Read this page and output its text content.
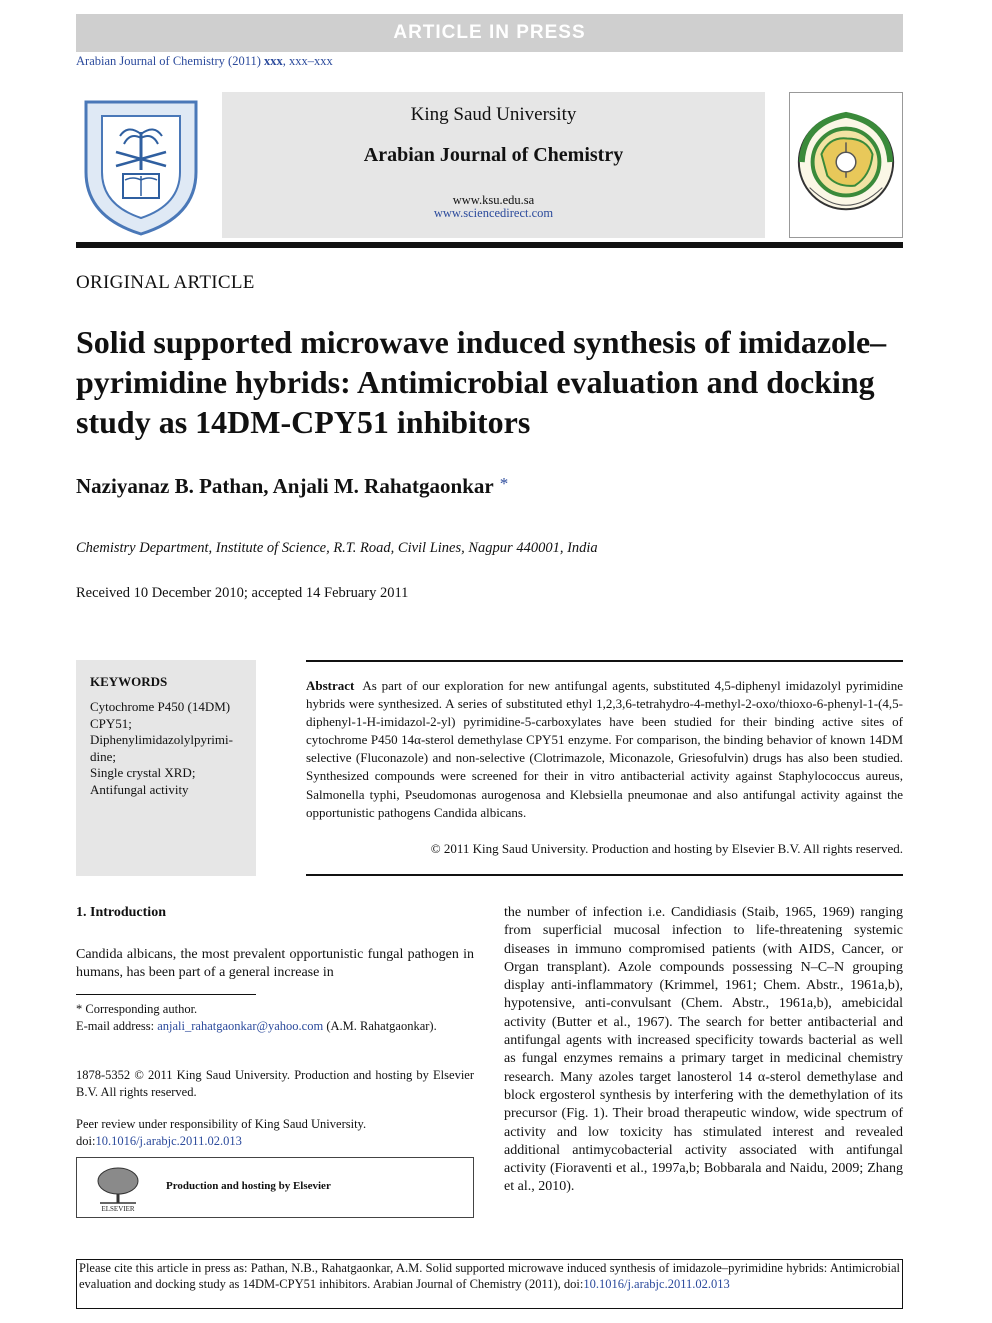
ARTICLE IN PRESS
Arabian Journal of Chemistry (2011) xxx, xxx–xxx
King Saud University
Arabian Journal of Chemistry
www.ksu.edu.sa
www.sciencedirect.com
ORIGINAL ARTICLE
Solid supported microwave induced synthesis of imidazole–pyrimidine hybrids: Antimicrobial evaluation and docking study as 14DM-CPY51 inhibitors
Naziyanaz B. Pathan, Anjali M. Rahatgaonkar *
Chemistry Department, Institute of Science, R.T. Road, Civil Lines, Nagpur 440001, India
Received 10 December 2010; accepted 14 February 2011
KEYWORDS
Cytochrome P450 (14DM) CPY51;
Diphenylimidazolylpyrimi-dine;
Single crystal XRD;
Antifungal activity
Abstract As part of our exploration for new antifungal agents, substituted 4,5-diphenyl imidazolyl pyrimidine hybrids were synthesized. A series of substituted ethyl 1,2,3,6-tetrahydro-4-methyl-2-oxo/thioxo-6-phenyl-1-(4,5-diphenyl-1-H-imidazol-2-yl) pyrimidine-5-carboxylates have been studied for their binding active sites of cytochrome P450 14α-sterol demethylase CPY51 enzyme. For comparison, the binding behavior of known 14DM selective (Fluconazole) and non-selective (Clotrimazole, Miconazole, Griesofulvin) drugs has also been studied. Synthesized compounds were screened for their in vitro antibacterial activity against Staphylococcus aureus, Salmonella typhi, Pseudomonas aurogenosa and Klebsiella pneumonae and also antifungal activity against the opportunistic pathogens Candida albicans.
© 2011 King Saud University. Production and hosting by Elsevier B.V. All rights reserved.
1. Introduction
Candida albicans, the most prevalent opportunistic fungal pathogen in humans, has been part of a general increase in
* Corresponding author.
E-mail address: anjali_rahatgaonkar@yahoo.com (A.M. Rahatgaonkar).
1878-5352 © 2011 King Saud University. Production and hosting by Elsevier B.V. All rights reserved.
Peer review under responsibility of King Saud University.
doi:10.1016/j.arabjc.2011.02.013
ELSEVIER
Production and hosting by Elsevier
the number of infection i.e. Candidiasis (Staib, 1965, 1969) ranging from superficial mucosal infection to life-threatening systemic diseases in immuno compromised patients (with AIDS, Cancer, or Organ transplant). Azole compounds possessing N–C–N grouping display anti-inflammatory (Krimmel, 1961; Chem. Abstr., 1961a,b), hypotensive, anti-convulsant (Chem. Abstr., 1961a,b), amebicidal activity (Butter et al., 1967). The search for better antibacterial and antifungal agents with increased specificity towards bacterial as well as fungal enzymes remains a primary target in medicinal chemistry research. Many azoles target lanosterol 14 α-sterol demethylase and block ergosterol synthesis by interfering with the demethylation of its precursor (Fig. 1). Their broad therapeutic window, wide spectrum of activity and low toxicity has stimulated interest and revealed additional antimycobacterial activity associated with antifungal activity (Fioraventi et al., 1997a,b; Bobbarala and Naidu, 2009; Zhang et al., 2010).
Please cite this article in press as: Pathan, N.B., Rahatgaonkar, A.M. Solid supported microwave induced synthesis of imidazole–pyrimidine hybrids: Antimicrobial evaluation and docking study as 14DM-CPY51 inhibitors. Arabian Journal of Chemistry (2011), doi:10.1016/j.arabjc.2011.02.013
